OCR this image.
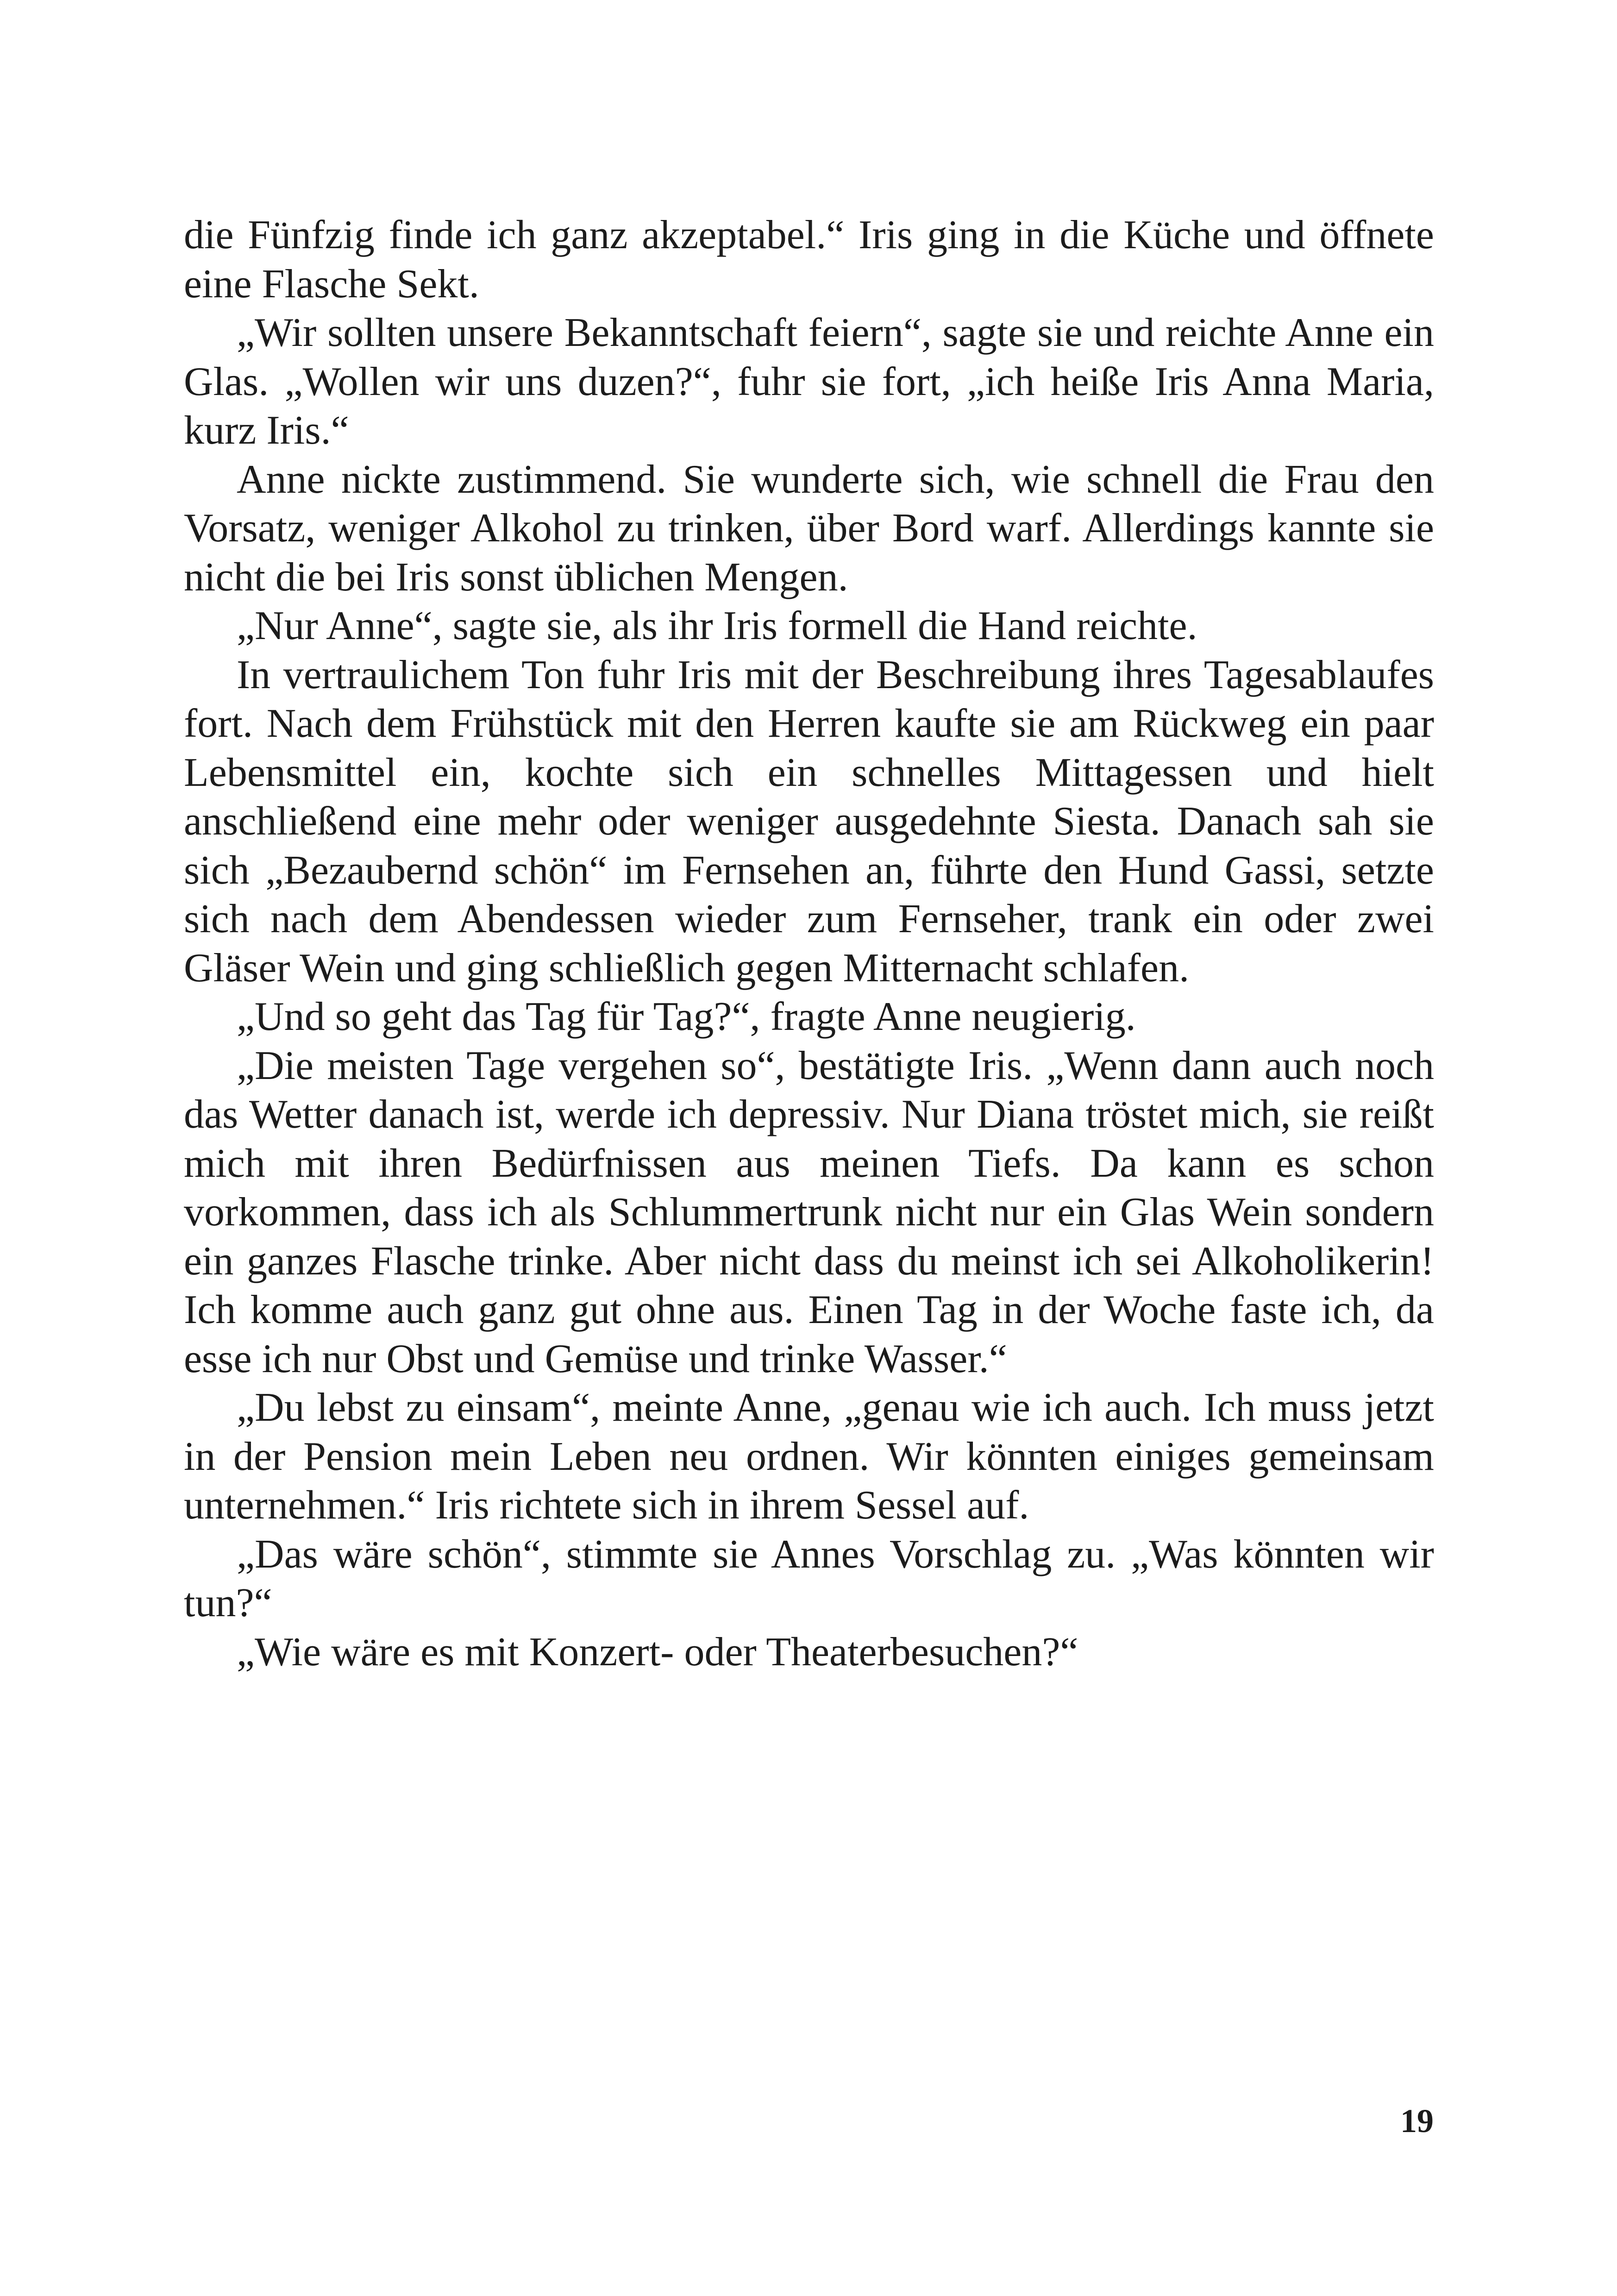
die Fünfzig finde ich ganz akzeptabel.“ Iris ging in die Küche und öffnete eine Flasche Sekt.

„Wir sollten unsere Bekanntschaft feiern“, sagte sie und reichte Anne ein Glas. „Wollen wir uns duzen?“, fuhr sie fort, „ich heiße Iris Anna Maria, kurz Iris.“

Anne nickte zustimmend. Sie wunderte sich, wie schnell die Frau den Vorsatz, weniger Alkohol zu trinken, über Bord warf. Allerdings kannte sie nicht die bei Iris sonst üblichen Mengen.

„Nur Anne“, sagte sie, als ihr Iris formell die Hand reichte.

In vertraulichem Ton fuhr Iris mit der Beschreibung ihres Tagesablaufes fort. Nach dem Frühstück mit den Herren kaufte sie am Rückweg ein paar Lebensmittel ein, kochte sich ein schnelles Mittagessen und hielt anschließend eine mehr oder weniger ausgedehnte Siesta. Danach sah sie sich „Bezaubernd schön“ im Fernsehen an, führte den Hund Gassi, setzte sich nach dem Abendessen wieder zum Fernseher, trank ein oder zwei Gläser Wein und ging schließlich gegen Mitternacht schlafen.

„Und so geht das Tag für Tag?“, fragte Anne neugierig.

„Die meisten Tage vergehen so“, bestätigte Iris. „Wenn dann auch noch das Wetter danach ist, werde ich depressiv. Nur Diana tröstet mich, sie reißt mich mit ihren Bedürfnissen aus meinen Tiefs. Da kann es schon vorkommen, dass ich als Schlummertrunk nicht nur ein Glas Wein sondern ein ganzes Flasche trinke. Aber nicht dass du meinst ich sei Alkoholikerin! Ich komme auch ganz gut ohne aus. Einen Tag in der Woche faste ich, da esse ich nur Obst und Gemüse und trinke Wasser.“

„Du lebst zu einsam“, meinte Anne, „genau wie ich auch. Ich muss jetzt in der Pension mein Leben neu ordnen. Wir könnten einiges gemeinsam unternehmen.“ Iris richtete sich in ihrem Sessel auf.

„Das wäre schön“, stimmte sie Annes Vorschlag zu. „Was könnten wir tun?“

„Wie wäre es mit Konzert- oder Theaterbesuchen?“

19
